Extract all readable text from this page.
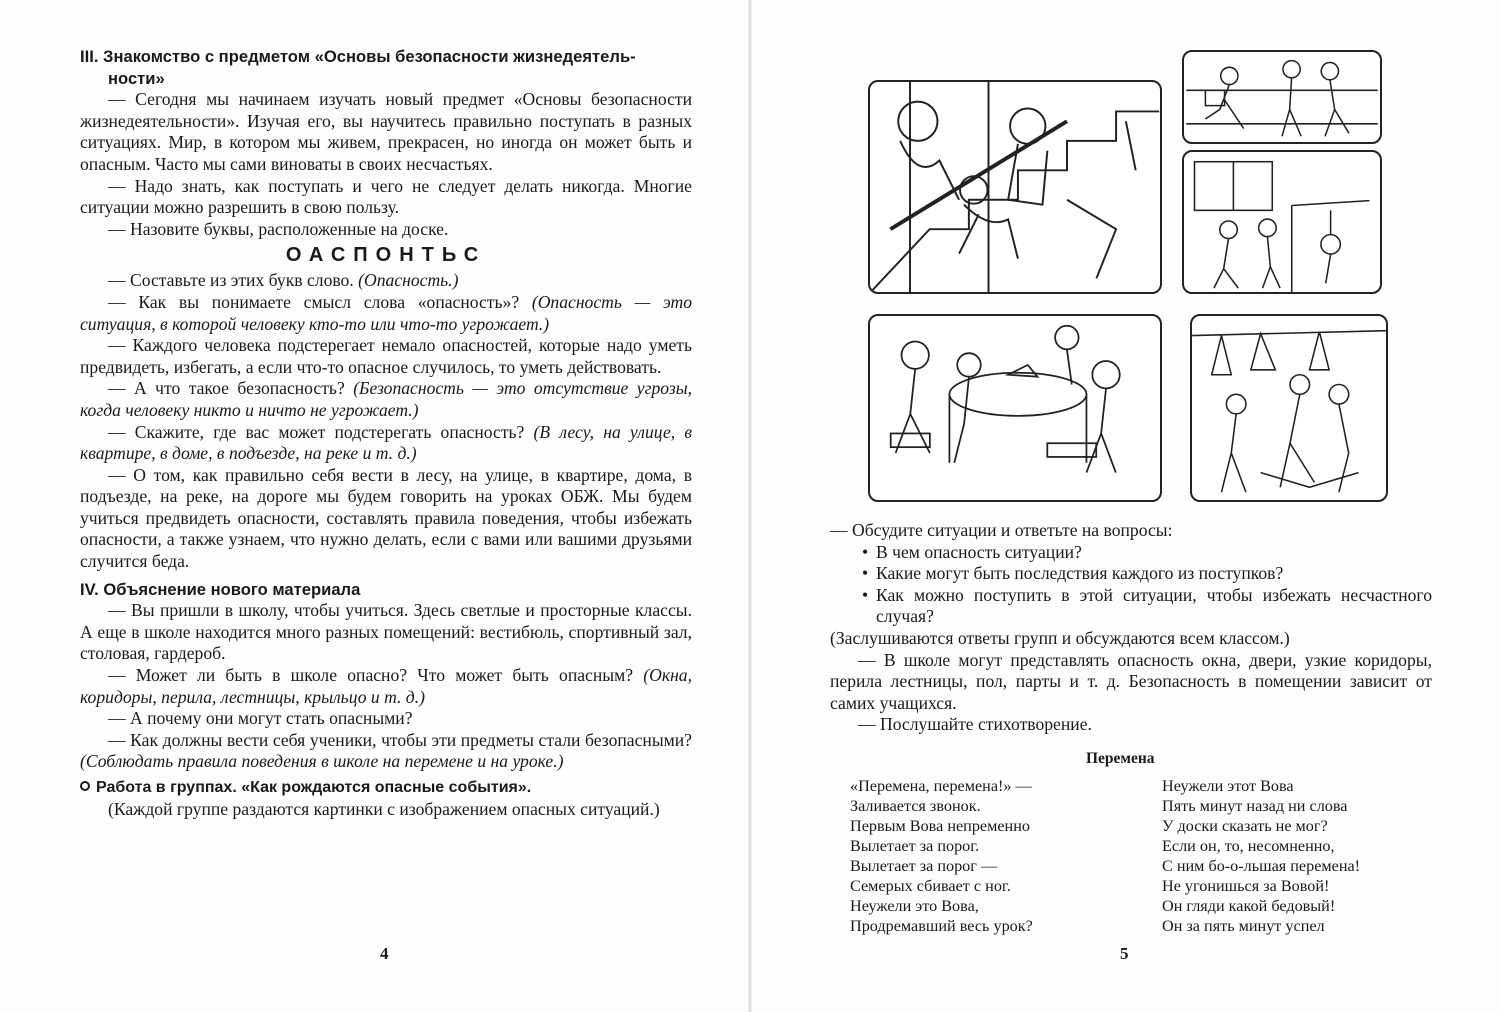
III. Знакомство с предметом «Основы безопасности жизнедеятель-
ности»
— Сегодня мы начинаем изучать новый предмет «Основы безопасности жизнедеятельности». Изучая его, вы научитесь правильно поступать в разных ситуациях. Мир, в котором мы живем, прекрасен, но иногда он может быть и опасным. Часто мы сами виноваты в своих несчастьях.
— Надо знать, как поступать и чего не следует делать никогда. Многие ситуации можно разрешить в свою пользу.
— Назовите буквы, расположенные на доске.
ОАСПОНТЬС
— Составьте из этих букв слово. (Опасность.)
— Как вы понимаете смысл слова «опасность»? (Опасность — это ситуация, в которой человеку кто-то или что-то угрожает.)
— Каждого человека подстерегает немало опасностей, которые надо уметь предвидеть, избегать, а если что-то опасное случилось, то уметь действовать.
— А что такое безопасность? (Безопасность — это отсутствие угрозы, когда человеку никто и ничто не угрожает.)
— Скажите, где вас может подстерегать опасность? (В лесу, на улице, в квартире, в доме, в подъезде, на реке и т. д.)
— О том, как правильно себя вести в лесу, на улице, в квартире, дома, в подъезде, на реке, на дороге мы будем говорить на уроках ОБЖ. Мы будем учиться предвидеть опасности, составлять правила поведения, чтобы избежать опасности, а также узнаем, что нужно делать, если с вами или вашими друзьями случится беда.
IV. Объяснение нового материала
— Вы пришли в школу, чтобы учиться. Здесь светлые и просторные классы. А еще в школе находится много разных помещений: вестибюль, спортивный зал, столовая, гардероб.
— Может ли быть в школе опасно? Что может быть опасным? (Окна, коридоры, перила, лестницы, крыльцо и т. д.)
— А почему они могут стать опасными?
— Как должны вести себя ученики, чтобы эти предметы стали безопасными? (Соблюдать правила поведения в школе на перемене и на уроке.)
Работа в группах. «Как рождаются опасные события».
(Каждой группе раздаются картинки с изображением опасных ситуаций.)
4
— Обсудите ситуации и ответьте на вопросы:
• В чем опасность ситуации?
• Какие могут быть последствия каждого из поступков?
• Как можно поступить в этой ситуации, чтобы избежать несчастного случая?
(Заслушиваются ответы групп и обсуждаются всем классом.)
— В школе могут представлять опасность окна, двери, узкие коридоры, перила лестницы, пол, парты и т. д. Безопасность в помещении зависит от самих учащихся.
— Послушайте стихотворение.
Перемена
«Перемена, перемена!» —
Заливается звонок.
Первым Вова непременно
Вылетает за порог.
Вылетает за порог —
Семерых сбивает с ног.
Неужели это Вова,
Продремавший весь урок?
Неужели этот Вова
Пять минут назад ни слова
У доски сказать не мог?
Если он, то, несомненно,
С ним бо-о-льшая перемена!
Не угонишься за Вовой!
Он гляди какой бедовый!
Он за пять минут успел
5
